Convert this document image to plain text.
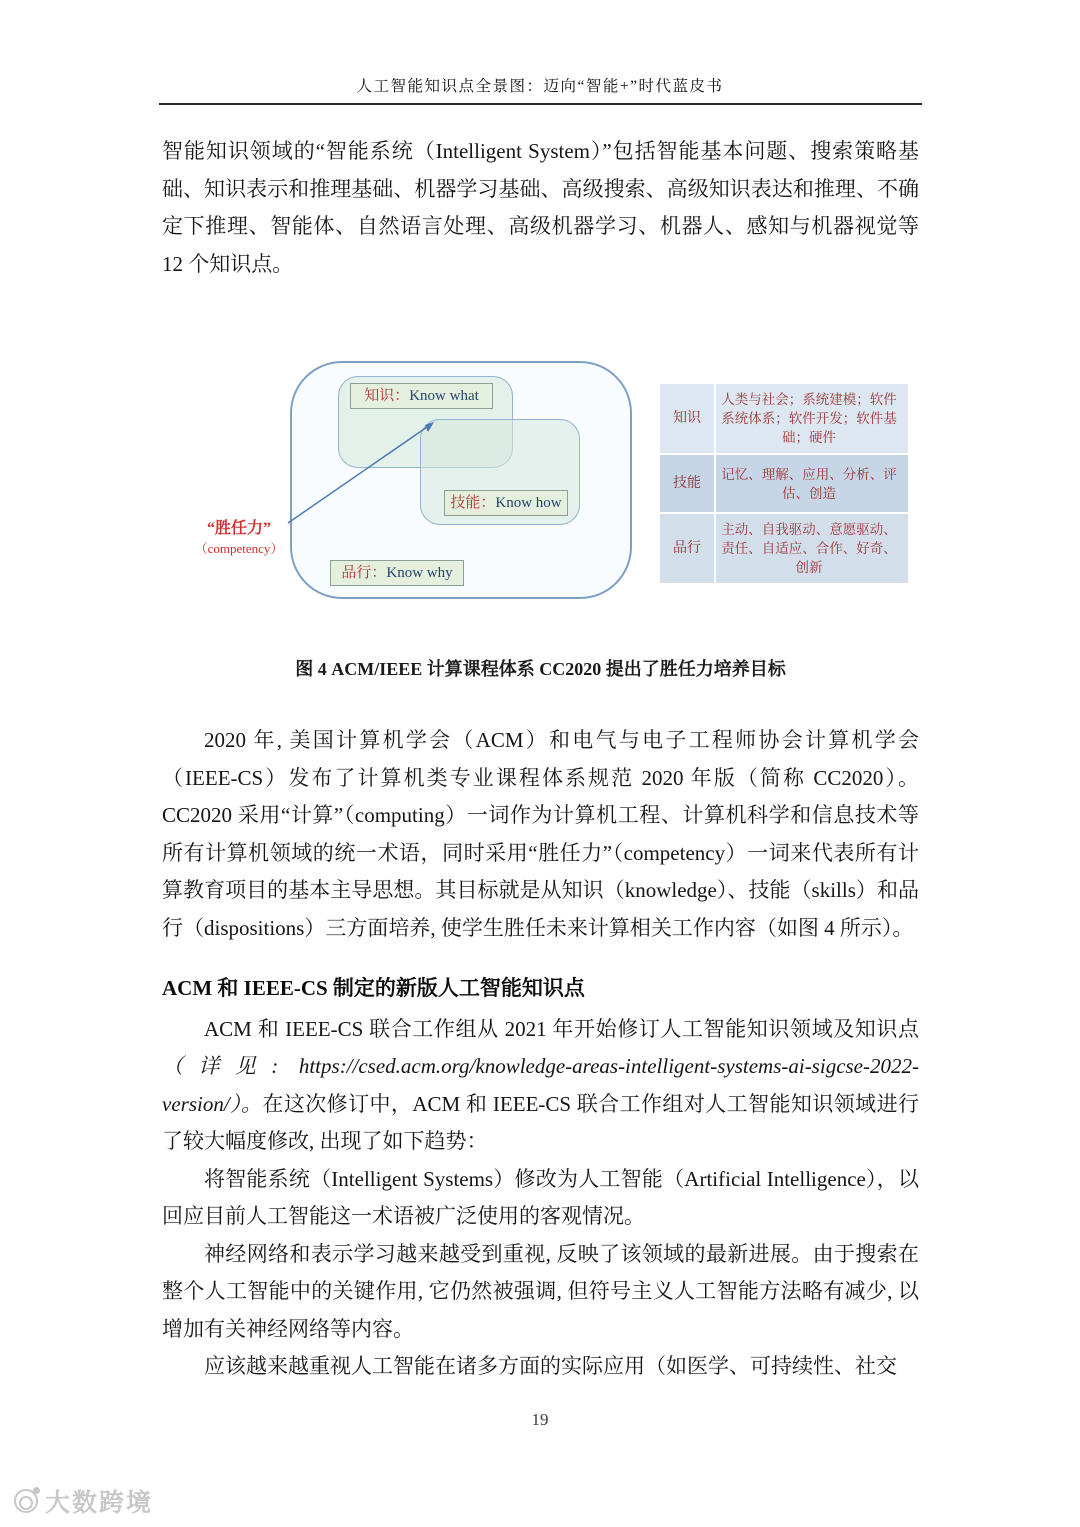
人工智能知识点全景图：迈向“智能+”时代蓝皮书

智能知识领域的“智能系统（Intelligent System）”包括智能基本问题、搜索策略基础、知识表示和推理基础、机器学习基础、高级搜索、高级知识表达和推理、不确定下推理、智能体、自然语言处理、高级机器学习、机器人、感知与机器视觉等 12 个知识点。

知识： Know what
技能： Know how
品行： Know why
“胜任力”
（competency）
知识
人类与社会；系统建模；软件系统体系；软件开发；软件基础；硬件
技能
记忆、理解、应用、分析、评估、创造
品行
主动、自我驱动、意愿驱动、责任、自适应、合作、好奇、创新
图 4 ACM/IEEE 计算课程体系 CC2020 提出了胜任力培养目标

2020 年, 美国计算机学会（ACM）和电气与电子工程师协会计算机学会（IEEE-CS）发布了计算机类专业课程体系规范 2020 年版（简称 CC2020）。CC2020 采用“计算”（computing）一词作为计算机工程、计算机科学和信息技术等所有计算机领域的统一术语，同时采用“胜任力”（competency）一词来代表所有计算教育项目的基本主导思想。其目标就是从知识（knowledge）、技能（skills）和品行（dispositions）三方面培养, 使学生胜任未来计算相关工作内容（如图 4 所示）。

ACM 和 IEEE-CS 制定的新版人工智能知识点

ACM 和 IEEE-CS 联合工作组从 2021 年开始修订人工智能知识领域及知识点（详见: https://csed.acm.org/knowledge-areas-intelligent-systems-ai-sigcse-2022-version/）。在这次修订中，ACM 和 IEEE-CS 联合工作组对人工智能知识领域进行了较大幅度修改, 出现了如下趋势：

将智能系统（Intelligent Systems）修改为人工智能（Artificial Intelligence），以回应目前人工智能这一术语被广泛使用的客观情况。

神经网络和表示学习越来越受到重视, 反映了该领域的最新进展。由于搜索在整个人工智能中的关键作用, 它仍然被强调, 但符号主义人工智能方法略有减少, 以增加有关神经网络等内容。

应该越来越重视人工智能在诸多方面的实际应用（如医学、可持续性、社交

19
大数跨境
